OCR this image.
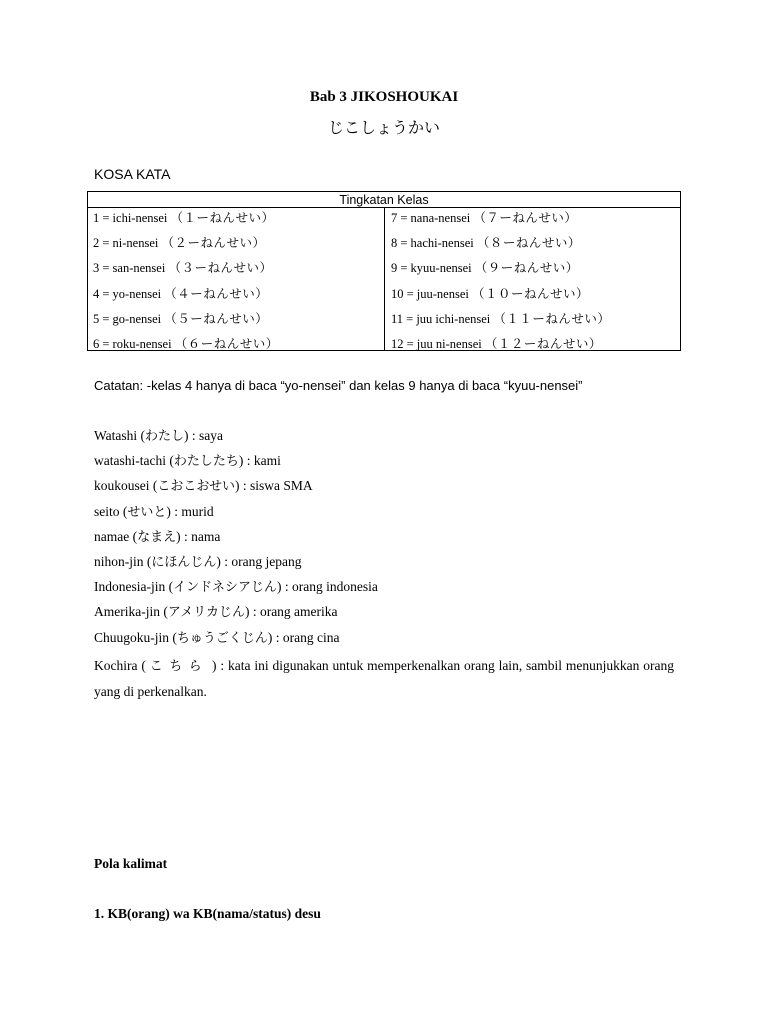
Bab 3 JIKOSHOUKAI
じこしょうかい
KOSA KATA
Tingkatan Kelas
1 = ichi-nensei （１ーねんせい）
2 = ni-nensei （２ーねんせい）
3 = san-nensei （３ーねんせい）
4 = yo-nensei （４ーねんせい）
5 = go-nensei （５ーねんせい）
6 = roku-nensei （６ーねんせい）
7 = nana-nensei （７ーねんせい）
8 = hachi-nensei （８ーねんせい）
9 = kyuu-nensei （９ーねんせい）
10 = juu-nensei （１０ーねんせい）
11 = juu ichi-nensei （１１ーねんせい）
12 = juu ni-nensei （１２ーねんせい）
Catatan: -kelas 4 hanya di baca “yo-nensei” dan kelas 9 hanya di baca “kyuu-nensei”
Watashi (わたし) : saya
watashi-tachi (わたしたち) : kami
koukousei (こおこおせい) : siswa SMA
seito (せいと) : murid
namae (なまえ) : nama
nihon-jin (にほんじん) : orang jepang
Indonesia-jin (インドネシアじん) : orang indonesia
Amerika-jin (アメリカじん) : orang amerika
Chuugoku-jin (ちゅうごくじん) : orang cina
Kochira ( こちら ) : kata ini digunakan untuk memperkenalkan orang lain, sambil menunjukkan orang yang di perkenalkan.
Pola kalimat
1. KB(orang) wa KB(nama/status) desu
